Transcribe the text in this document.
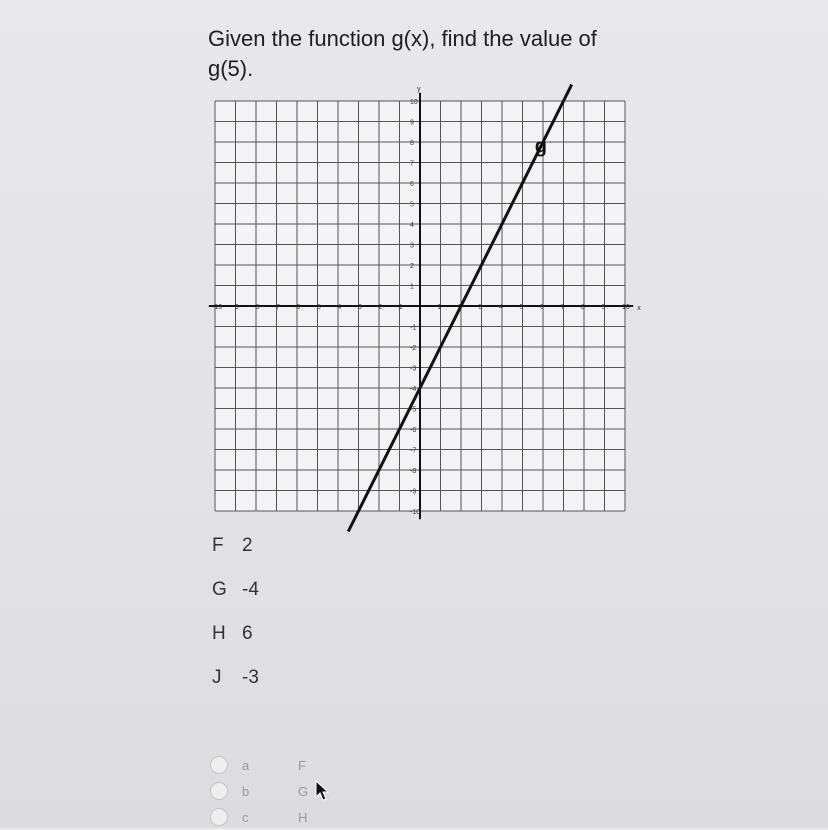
Given the function g(x), find the value of
g(5).
-10 -9 -8 -7 -6 -5 -4 -3 -2 -1	1	3 4 5 6 7 8 9 10
10
9
8
7
6
5
4
3
2
1
-1
-2
-3
-4
-5
-6
-7
-8
-9
-10
x
y
g
F 2
G -4
H 6
J	-3
a	F
b	G
c	H
